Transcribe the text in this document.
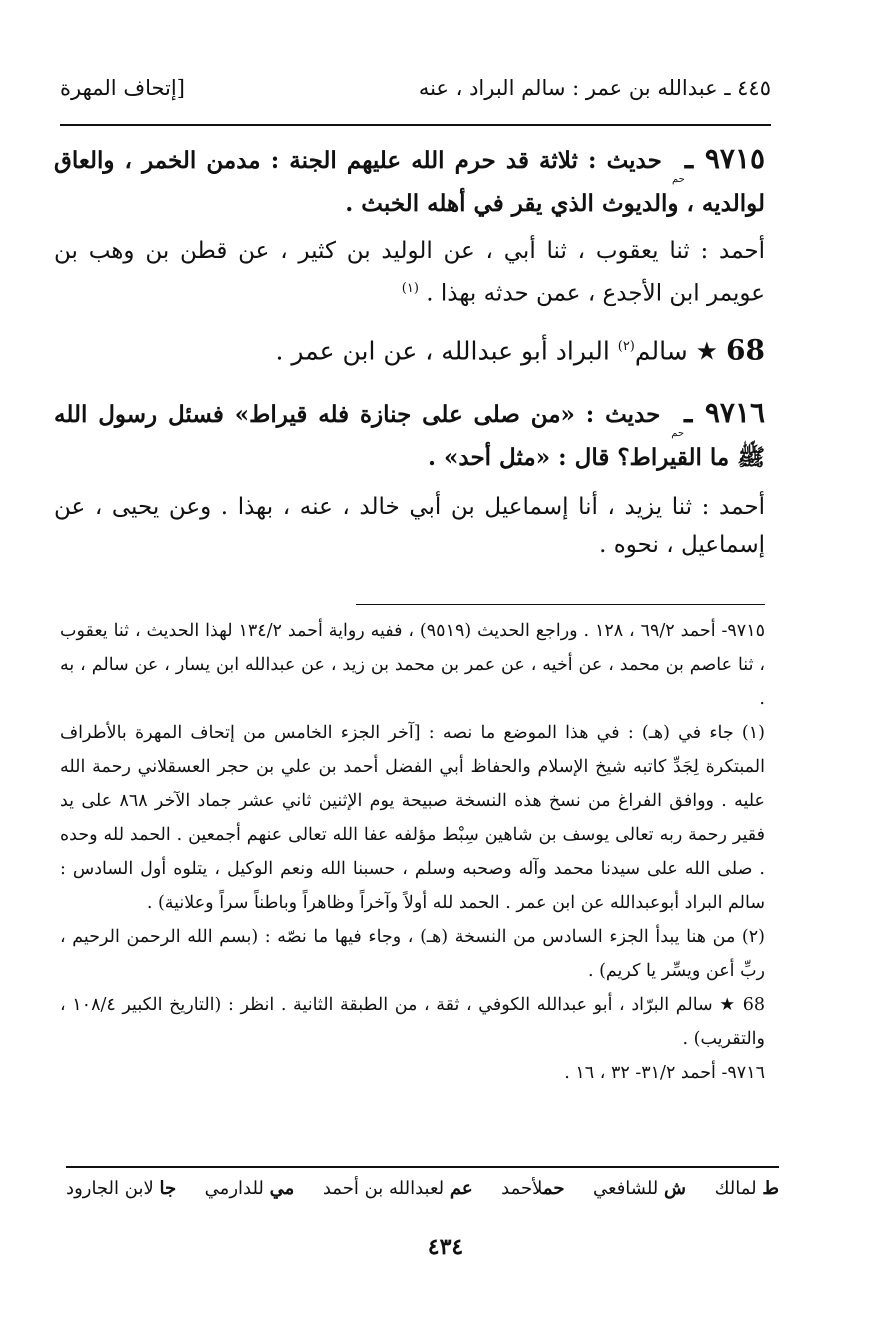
٤٤٥ ـ عبدالله بن عمر : سالم البراد ، عنه
[إتحاف المهرة
٩٧١٥ ـحم حديث : ثلاثة قد حرم الله عليهم الجنة : مدمن الخمر ، والعاق لوالديه ، والديوث الذي يقر في أهله الخبث .
أحمد : ثنا يعقوب ، ثنا أبي ، عن الوليد بن كثير ، عن قطن بن وهب بن عويمر ابن الأجدع ، عمن حدثه بهذا . $^{(١)}$
68 ★ سالم$^{(٢)}$ البراد أبو عبدالله ، عن ابن عمر .
٩٧١٦ ـحم حديث : «من صلى على جنازة فله قيراط» فسئل رسول الله ﷺ ما القيراط؟ قال : «مثل أحد» .
أحمد : ثنا يزيد ، أنا إسماعيل بن أبي خالد ، عنه ، بهذا . وعن يحيى ، عن إسماعيل ، نحوه .

٩٧١٥- أحمد ٦٩/٢ ، ١٢٨ . وراجع الحديث (٩٥١٩) ، ففيه رواية أحمد ١٣٤/٢ لهذا الحديث ، ثنا يعقوب ، ثنا عاصم بن محمد ، عن أخيه ، عن عمر بن محمد بن زيد ، عن عبدالله ابن يسار ، عن سالم ، به .

(١) جاء في (هـ) : في هذا الموضع ما نصه : [آخر الجزء الخامس من إتحاف المهرة بالأطراف المبتكرة لِجَدِّ كاتبه شيخ الإسلام والحفاظ أبي الفضل أحمد بن علي بن حجر العسقلاني رحمة الله عليه . ووافق الفراغ من نسخ هذه النسخة صبيحة يوم الإثنين ثاني عشر جماد الآخر ٨٦٨ على يد فقير رحمة ربه تعالى يوسف بن شاهين سِبْط مؤلفه عفا الله تعالى عنهم أجمعين . الحمد لله وحده . صلى الله على سيدنا محمد وآله وصحبه وسلم ، حسبنا الله ونعم الوكيل ، يتلوه أول السادس : سالم البراد أبوعبدالله عن ابن عمر . الحمد لله أولاً وآخراً وظاهراً وباطناً سراً وعلانية) .

(٢) من هنا يبدأ الجزء السادس من النسخة (هـ) ، وجاء فيها ما نصّه : (بسم الله الرحمن الرحيم ، ربِّ أعن ويسِّر يا كريم) .

68 ★ سالم البرّاد ، أبو عبدالله الكوفي ، ثقة ، من الطبقة الثانية . انظر : (التاريخ الكبير ١٠٨/٤ ، والتقريب) .

٩٧١٦- أحمد ٣١/٢- ٣٢ ، ١٦ .

ط لمالك
ش للشافعي
حملأحمد
عم لعبدالله بن أحمد
مي للدارمي
جا لابن الجارود
٤٣٤
